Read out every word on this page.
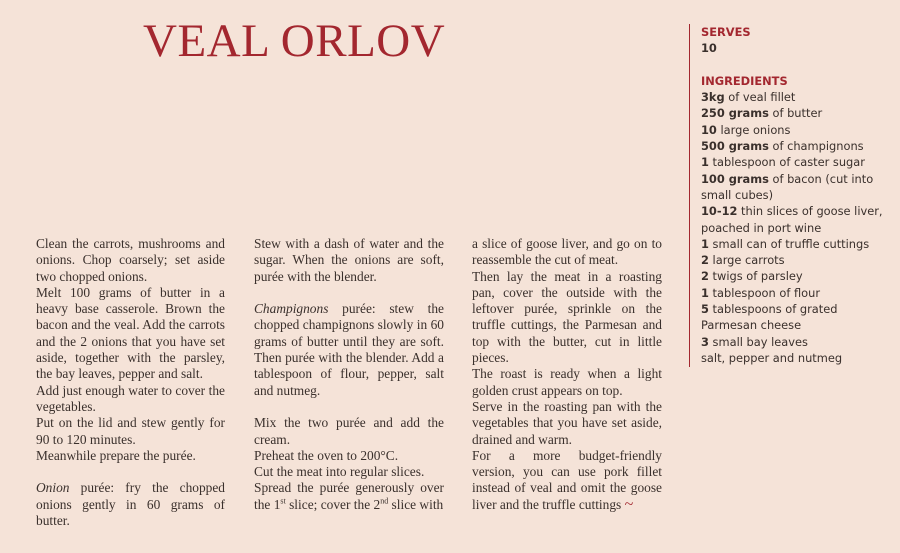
VEAL ORLOV

Clean the carrots, mushrooms and onions. Chop coarsely; set aside two chopped onions.

Melt 100 grams of butter in a heavy base casserole. Brown the bacon and the veal. Add the carrots and the 2 onions that you have set aside, together with the parsley, the bay leaves, pepper and salt.

Add just enough water to cover the vegetables.

Put on the lid and stew gently for 90 to 120 minutes.

Meanwhile prepare the purée.

Onion purée: fry the chopped onions gently in 60 grams of butter.

Stew with a dash of water and the sugar. When the onions are soft, purée with the blender.

Champignons purée: stew the chopped champignons slowly in 60 grams of butter until they are soft. Then purée with the blender. Add a tablespoon of flour, pepper, salt and nutmeg.

Mix the two purée and add the cream.

Preheat the oven to 200°C.

Cut the meat into regular slices.

Spread the purée generously over the 1st slice; cover the 2nd slice with

a slice of goose liver, and go on to reassemble the cut of meat.

Then lay the meat in a roasting pan, cover the outside with the leftover purée, sprinkle on the truffle cuttings, the Parmesan and top with the butter, cut in little pieces.

The roast is ready when a light golden crust appears on top.

Serve in the roasting pan with the vegetables that you have set aside, drained and warm.

For a more budget-friendly version, you can use pork fillet instead of veal and omit the goose liver and the truffle cuttings ~

SERVES
10
INGREDIENTS
3kg of veal fillet
250 grams of butter
10 large onions
500 grams of champignons
1 tablespoon of caster sugar
100 grams of bacon (cut into small cubes)
10-12 thin slices of goose liver, poached in port wine
1 small can of truffle cuttings
2 large carrots
2 twigs of parsley
1 tablespoon of flour
5 tablespoons of grated Parmesan cheese
3 small bay leaves
salt, pepper and nutmeg
